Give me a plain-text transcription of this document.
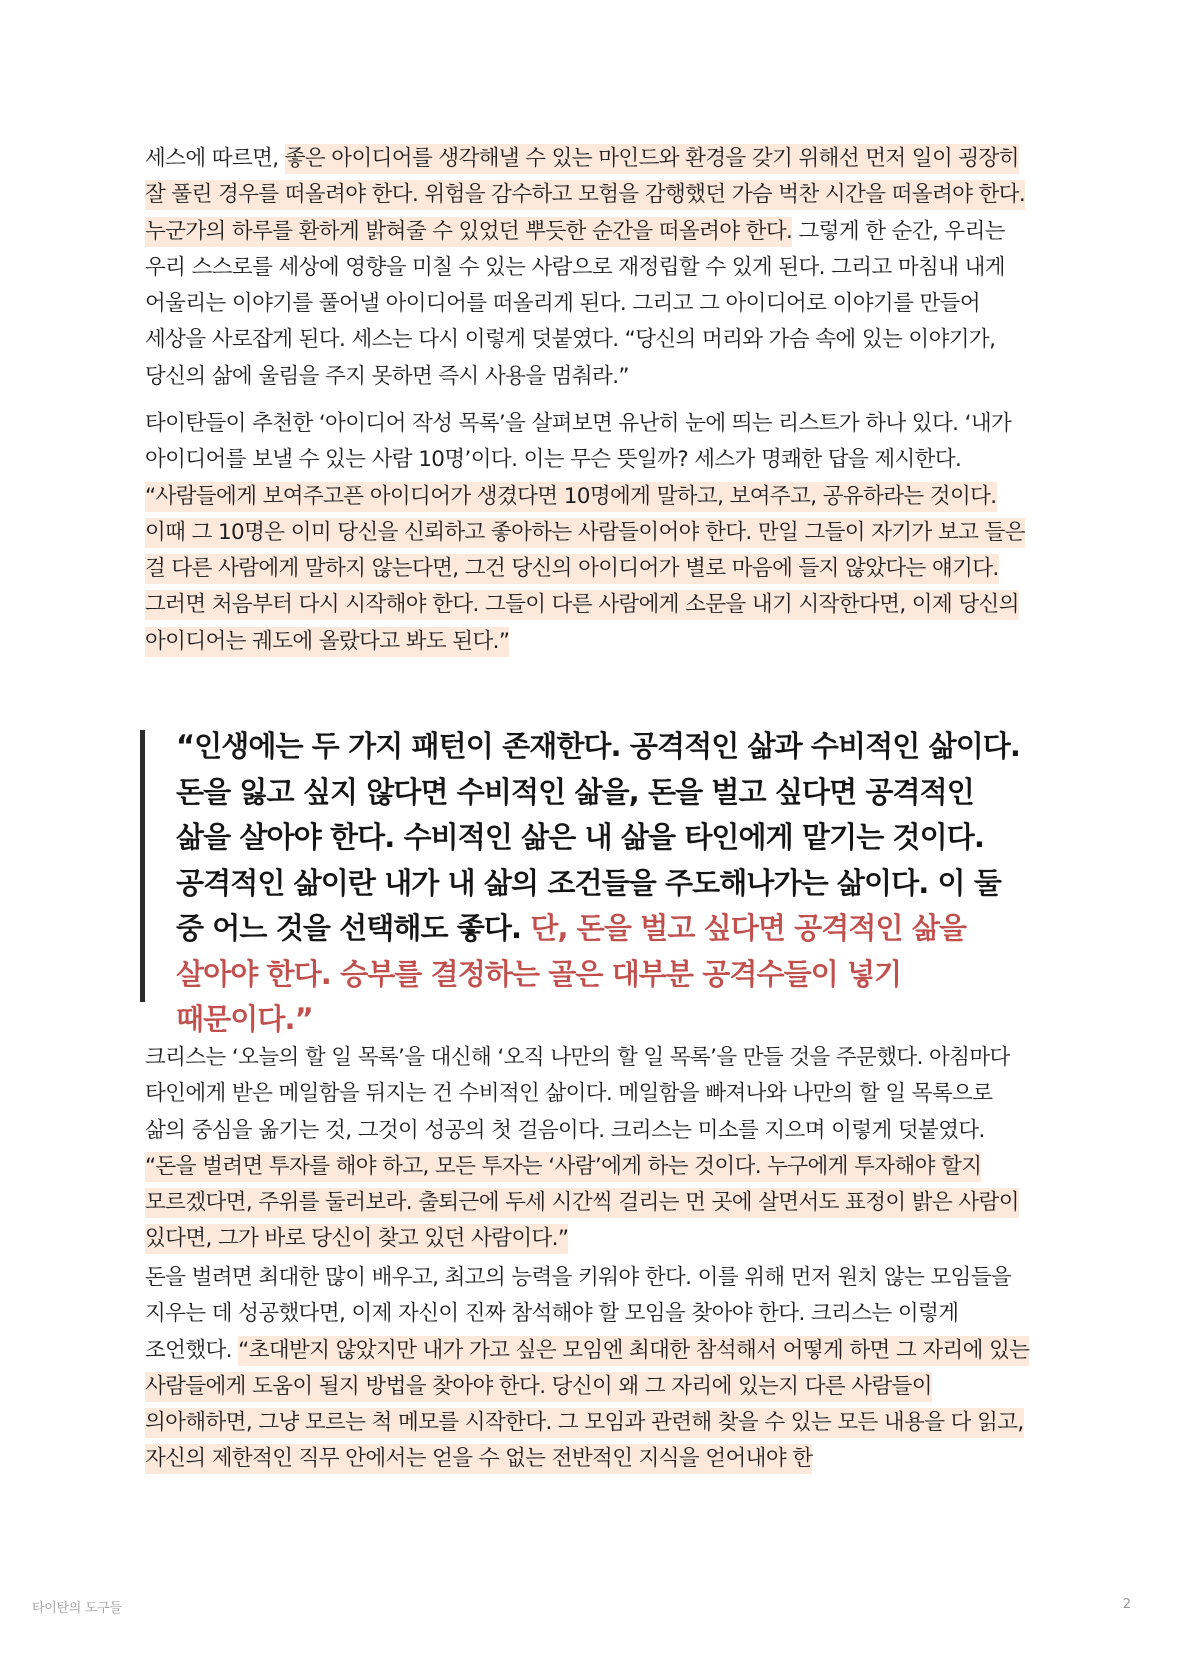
세스에 따르면, 좋은 아이디어를 생각해낼 수 있는 마인드와 환경을 갖기 위해선 먼저 일이 굉장히 잘 풀린 경우를 떠올려야 한다. 위험을 감수하고 모험을 감행했던 가슴 벅찬 시간을 떠올려야 한다. 누군가의 하루를 환하게 밝혀줄 수 있었던 뿌듯한 순간을 떠올려야 한다. 그렇게 한 순간, 우리는 우리 스스로를 세상에 영향을 미칠 수 있는 사람으로 재정립할 수 있게 된다. 그리고 마침내 내게 어울리는 이야기를 풀어낼 아이디어를 떠올리게 된다. 그리고 그 아이디어로 이야기를 만들어 세상을 사로잡게 된다. 세스는 다시 이렇게 덧붙였다. “당신의 머리와 가슴 속에 있는 이야기가, 당신의 삶에 울림을 주지 못하면 즉시 사용을 멈춰라.”

타이탄들이 추천한 ‘아이디어 작성 목록’을 살펴보면 유난히 눈에 띄는 리스트가 하나 있다. ‘내가 아이디어를 보낼 수 있는 사람 10명’이다. 이는 무슨 뜻일까? 세스가 명쾌한 답을 제시한다. “사람들에게 보여주고픈 아이디어가 생겼다면 10명에게 말하고, 보여주고, 공유하라는 것이다. 이때 그 10명은 이미 당신을 신뢰하고 좋아하는 사람들이어야 한다. 만일 그들이 자기가 보고 들은 걸 다른 사람에게 말하지 않는다면, 그건 당신의 아이디어가 별로 마음에 들지 않았다는 얘기다. 그러면 처음부터 다시 시작해야 한다. 그들이 다른 사람에게 소문을 내기 시작한다면, 이제 당신의 아이디어는 궤도에 올랐다고 봐도 된다.”

“인생에는 두 가지 패턴이 존재한다. 공격적인 삶과 수비적인 삶이다. 돈을 잃고 싶지 않다면 수비적인 삶을, 돈을 벌고 싶다면 공격적인 삶을 살아야 한다. 수비적인 삶은 내 삶을 타인에게 맡기는 것이다. 공격적인 삶이란 내가 내 삶의 조건들을 주도해나가는 삶이다. 이 둘 중 어느 것을 선택해도 좋다. 단, 돈을 벌고 싶다면 공격적인 삶을 살아야 한다. 승부를 결정하는 골은 대부분 공격수들이 넣기 때문이다.”

크리스는 ‘오늘의 할 일 목록’을 대신해 ‘오직 나만의 할 일 목록’을 만들 것을 주문했다. 아침마다 타인에게 받은 메일함을 뒤지는 건 수비적인 삶이다. 메일함을 빠져나와 나만의 할 일 목록으로 삶의 중심을 옮기는 것, 그것이 성공의 첫 걸음이다. 크리스는 미소를 지으며 이렇게 덧붙였다. “돈을 벌려면 투자를 해야 하고, 모든 투자는 ‘사람’에게 하는 것이다. 누구에게 투자해야 할지 모르겠다면, 주위를 둘러보라. 출퇴근에 두세 시간씩 걸리는 먼 곳에 살면서도 표정이 밝은 사람이 있다면, 그가 바로 당신이 찾고 있던 사람이다.”

돈을 벌려면 최대한 많이 배우고, 최고의 능력을 키워야 한다. 이를 위해 먼저 원치 않는 모임들을 지우는 데 성공했다면, 이제 자신이 진짜 참석해야 할 모임을 찾아야 한다. 크리스는 이렇게 조언했다. “초대받지 않았지만 내가 가고 싶은 모임엔 최대한 참석해서 어떻게 하면 그 자리에 있는 사람들에게 도움이 될지 방법을 찾아야 한다. 당신이 왜 그 자리에 있는지 다른 사람들이 의아해하면, 그냥 모르는 척 메모를 시작한다. 그 모임과 관련해 찾을 수 있는 모든 내용을 다 읽고, 자신의 제한적인 직무 안에서는 얻을 수 없는 전반적인 지식을 얻어내야 한

타이탄의 도구들	2
